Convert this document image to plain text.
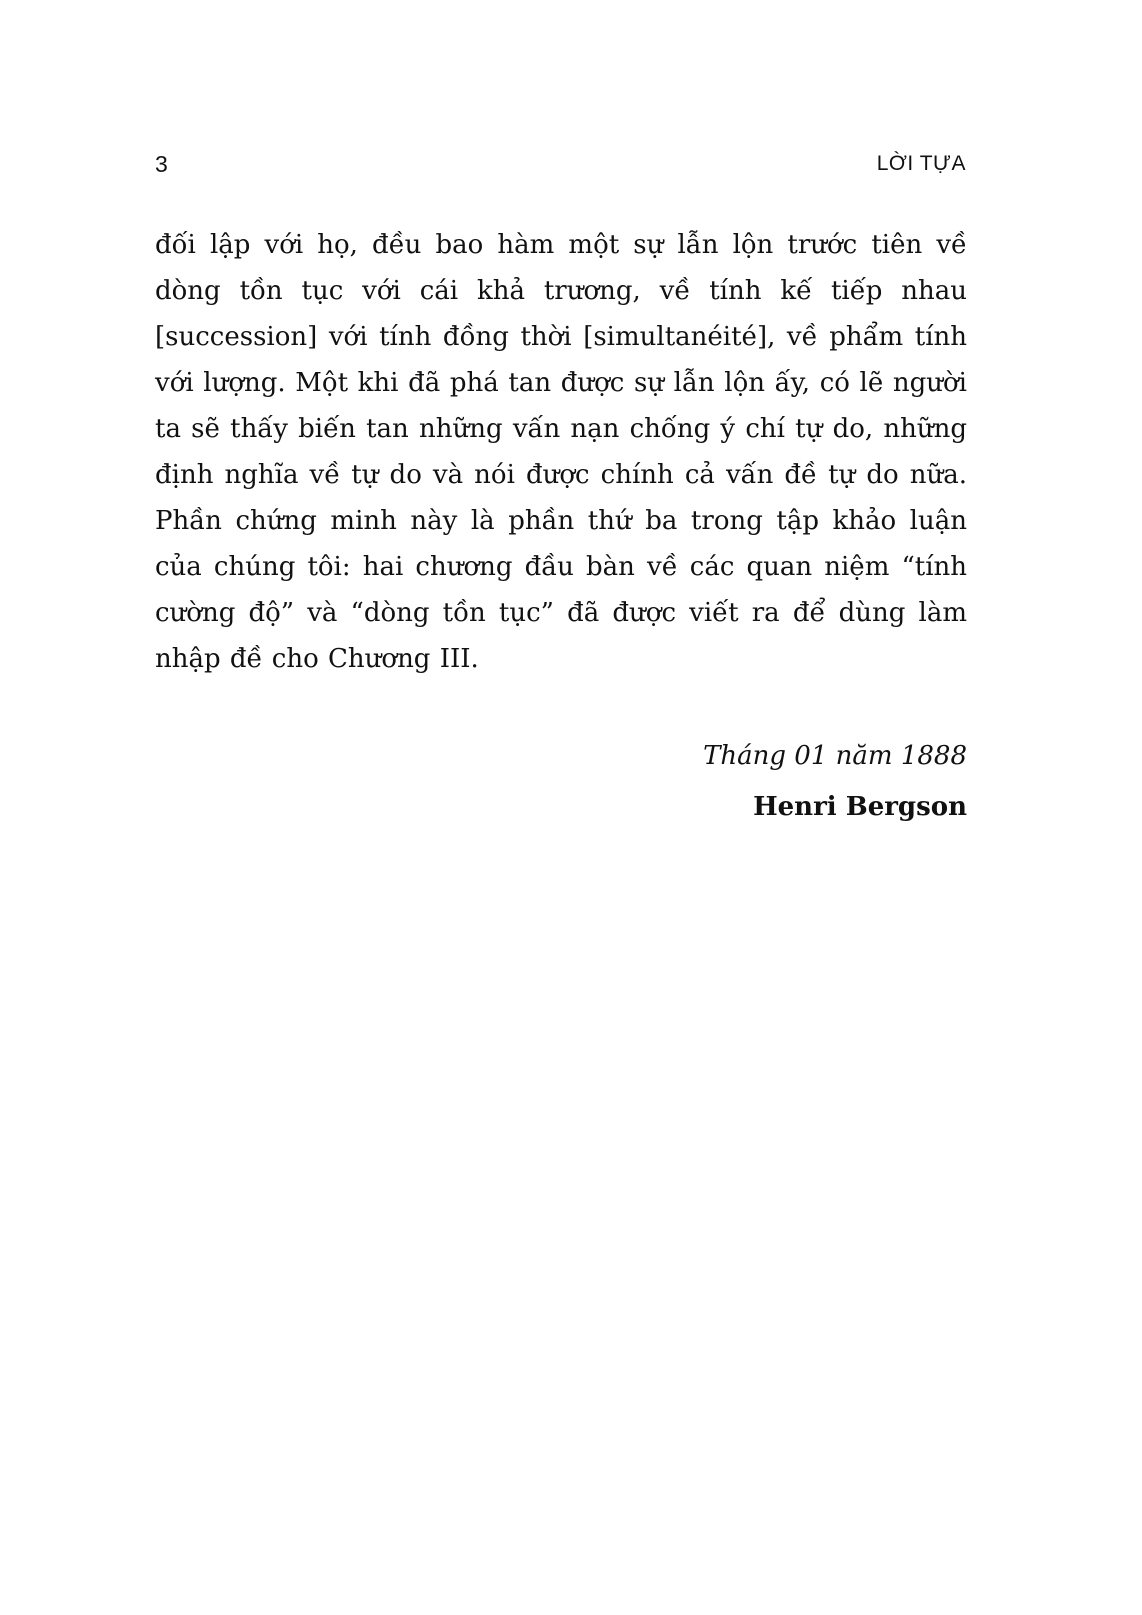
3	LỜI TỰA

đối lập với họ, đều bao hàm một sự lẫn lộn trước tiên về dòng tồn tục với cái khả trương, về tính kế tiếp nhau [succession] với tính đồng thời [simultanéité], về phẩm tính với lượng. Một khi đã phá tan được sự lẫn lộn ấy, có lẽ người ta sẽ thấy biến tan những vấn nạn chống ý chí tự do, những định nghĩa về tự do và nói được chính cả vấn đề tự do nữa. Phần chứng minh này là phần thứ ba trong tập khảo luận của chúng tôi: hai chương đầu bàn về các quan niệm “tính cường độ” và “dòng tồn tục” đã được viết ra để dùng làm nhập đề cho Chương III.

Tháng 01 năm 1888
Henri Bergson
